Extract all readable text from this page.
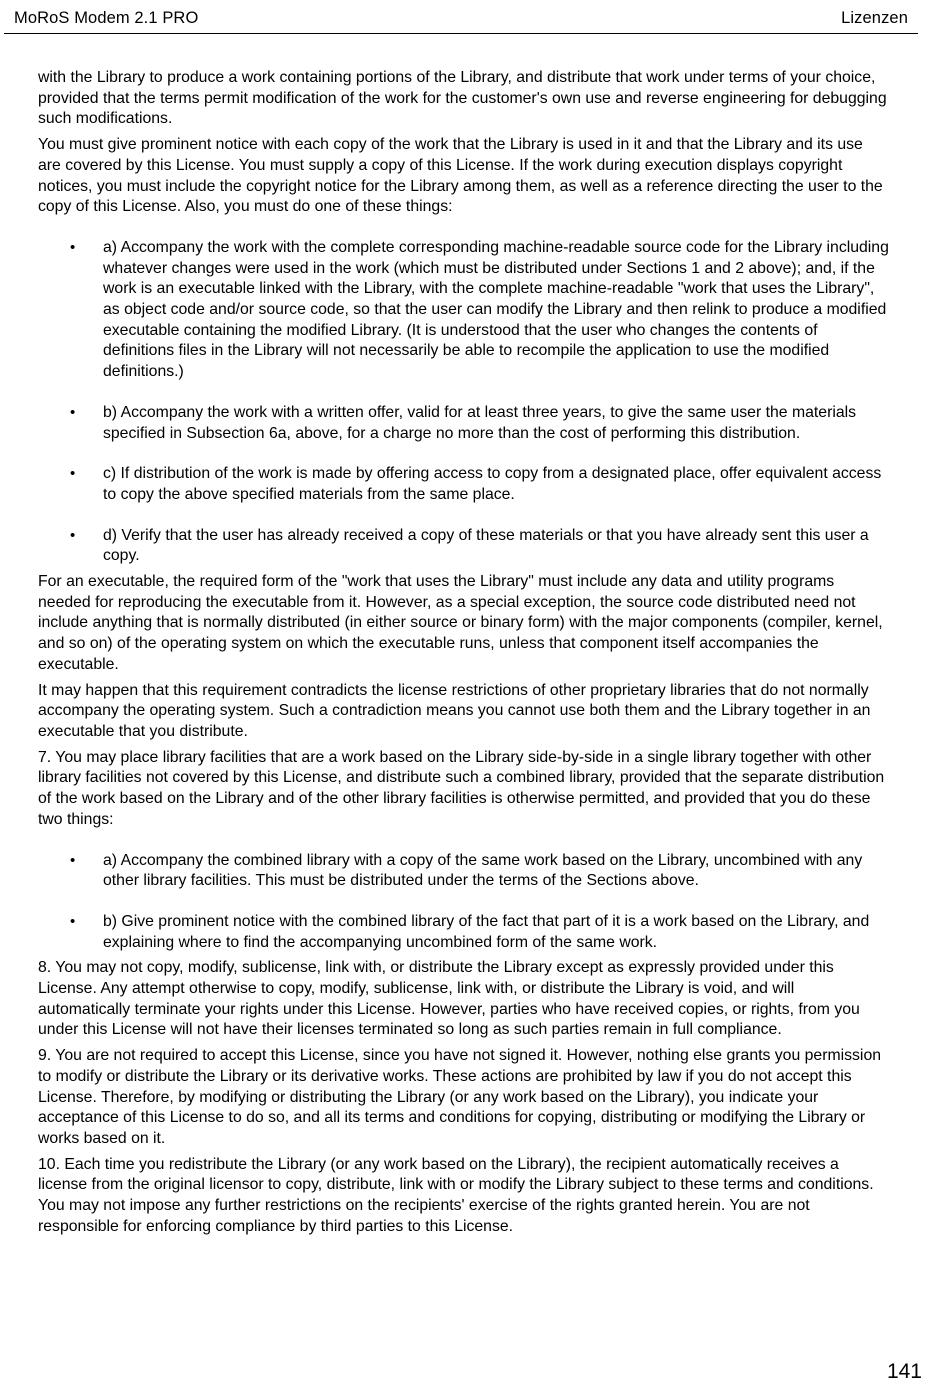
MoRoS Modem 2.1 PRO	Lizenzen

with the Library to produce a work containing portions of the Library, and distribute that work under terms of your choice, provided that the terms permit modification of the work for the customer's own use and reverse engineering for debugging such modifications.

You must give prominent notice with each copy of the work that the Library is used in it and that the Library and its use are covered by this License. You must supply a copy of this License. If the work during execution displays copyright notices, you must include the copyright notice for the Library among them, as well as a reference directing the user to the copy of this License. Also, you must do one of these things:

• a) Accompany the work with the complete corresponding machine-readable source code for the Library including whatever changes were used in the work (which must be distributed under Sections 1 and 2 above); and, if the work is an executable linked with the Library, with the complete machine-readable "work that uses the Library", as object code and/or source code, so that the user can modify the Library and then relink to produce a modified executable containing the modified Library. (It is understood that the user who changes the contents of definitions files in the Library will not necessarily be able to recompile the application to use the modified definitions.)
• b) Accompany the work with a written offer, valid for at least three years, to give the same user the materials specified in Subsection 6a, above, for a charge no more than the cost of performing this distribution.
• c) If distribution of the work is made by offering access to copy from a designated place, offer equivalent access to copy the above specified materials from the same place.
• d) Verify that the user has already received a copy of these materials or that you have already sent this user a copy.

For an executable, the required form of the "work that uses the Library" must include any data and utility programs needed for reproducing the executable from it. However, as a special exception, the source code distributed need not include anything that is normally distributed (in either source or binary form) with the major components (compiler, kernel, and so on) of the operating system on which the executable runs, unless that component itself accompanies the executable.

It may happen that this requirement contradicts the license restrictions of other proprietary libraries that do not normally accompany the operating system. Such a contradiction means you cannot use both them and the Library together in an executable that you distribute.

7. You may place library facilities that are a work based on the Library side-by-side in a single library together with other library facilities not covered by this License, and distribute such a combined library, provided that the separate distribution of the work based on the Library and of the other library facilities is otherwise permitted, and provided that you do these two things:

• a) Accompany the combined library with a copy of the same work based on the Library, uncombined with any other library facilities. This must be distributed under the terms of the Sections above.
• b) Give prominent notice with the combined library of the fact that part of it is a work based on the Library, and explaining where to find the accompanying uncombined form of the same work.

8. You may not copy, modify, sublicense, link with, or distribute the Library except as expressly provided under this License. Any attempt otherwise to copy, modify, sublicense, link with, or distribute the Library is void, and will automatically terminate your rights under this License. However, parties who have received copies, or rights, from you under this License will not have their licenses terminated so long as such parties remain in full compliance.

9. You are not required to accept this License, since you have not signed it. However, nothing else grants you permission to modify or distribute the Library or its derivative works. These actions are prohibited by law if you do not accept this License. Therefore, by modifying or distributing the Library (or any work based on the Library), you indicate your acceptance of this License to do so, and all its terms and conditions for copying, distributing or modifying the Library or works based on it.

10. Each time you redistribute the Library (or any work based on the Library), the recipient automatically receives a license from the original licensor to copy, distribute, link with or modify the Library subject to these terms and conditions. You may not impose any further restrictions on the recipients' exercise of the rights granted herein. You are not responsible for enforcing compliance by third parties to this License.

141
